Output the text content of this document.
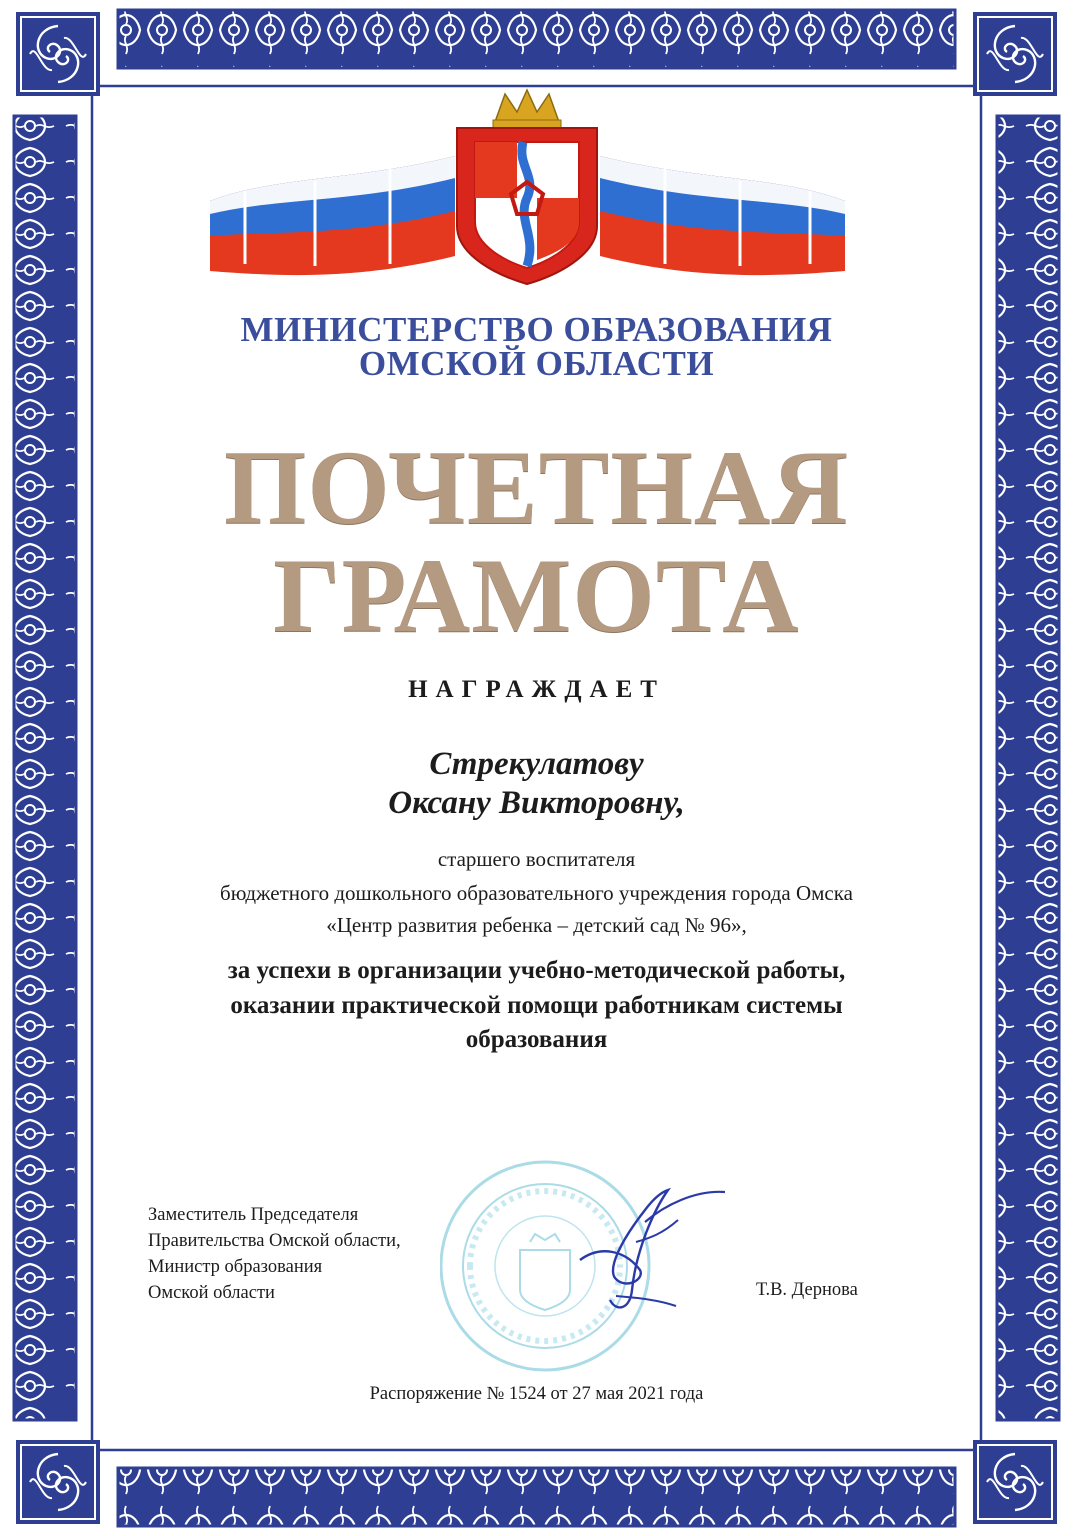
МИНИСТЕРСТВО ОБРАЗОВАНИЯ
ОМСКОЙ ОБЛАСТИ
ПОЧЕТНАЯ
ГРАМОТА
НАГРАЖДАЕТ
Стрекулатову
Оксану Викторовну,
старшего воспитателя
бюджетного дошкольного образовательного учреждения города Омска
«Центр развития ребенка – детский сад № 96»,
за успехи в организации учебно-методической работы,
оказании практической помощи работникам системы
образования
Заместитель Председателя
Правительства Омской области,
Министр образования
Омской области	Т.В. Дернова
Распоряжение № 1524 от 27 мая 2021 года
